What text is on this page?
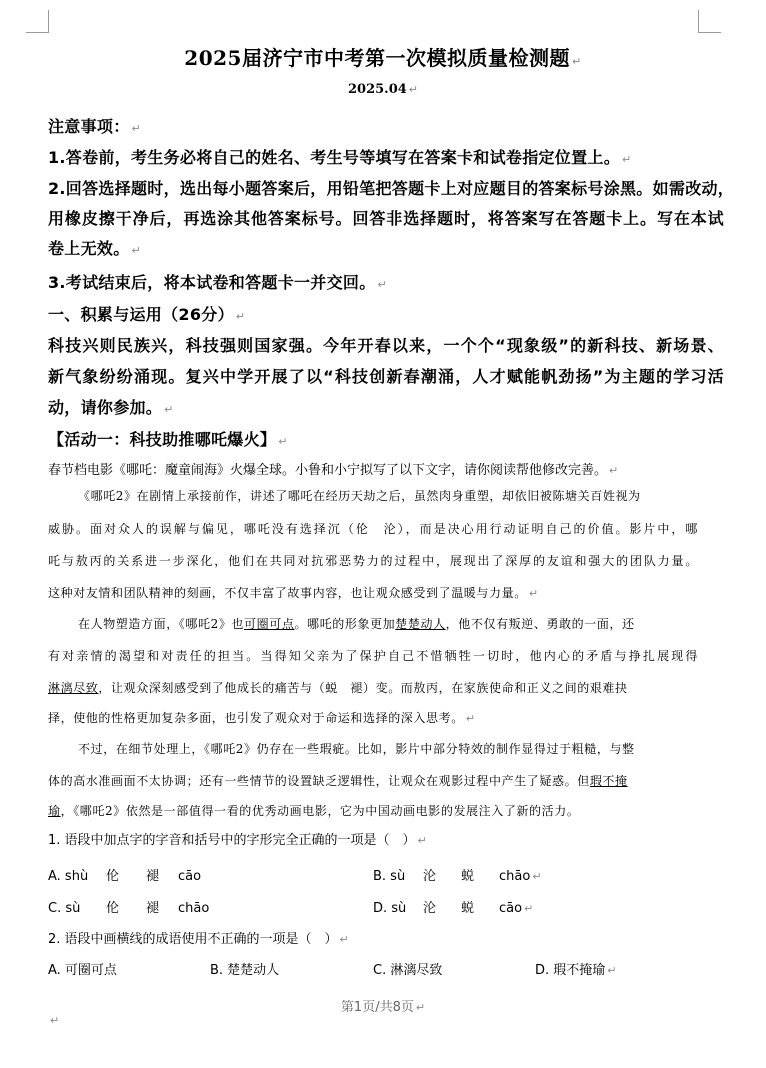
2025届济宁市中考第一次模拟质量检测题 ↵
2025.04 ↵
注意事项： ↵
1.答卷前，考生务必将自己的姓名、考生号等填写在答案卡和试卷指定位置上。 ↵
2.回答选择题时，选出每小题答案后，用铅笔把答题卡上对应题目的答案标号涂黑。如需改动，
用橡皮擦干净后，再选涂其他答案标号。回答非选择题时，将答案写在答题卡上。写在本试
卷上无效。 ↵
3.考试结束后，将本试卷和答题卡一并交回。 ↵
一、积累与运用（26分） ↵
科技兴则民族兴，科技强则国家强。今年开春以来，一个个“现象级”的新科技、新场景、
新气象纷纷涌现。复兴中学开展了以“科技创新春潮涌，人才赋能帆劲扬”为主题的学习活
动，请你参加。 ↵
【活动一：科技助推哪吒爆火】 ↵
春节档电影《哪吒：魔童闹海》火爆全球。小鲁和小宁拟写了以下文字，请你阅读帮他修改完善。 ↵
《哪吒2》在剧情上承接前作，讲述了哪吒在经历天劫之后，虽然肉身重塑，却依旧被陈塘关百姓视为
威胁。面对众人的误解与偏见，哪吒没有选择沉（伦　沦），而是决心用行动证明自己的价值。影片中，哪
吒与敖丙的关系进一步深化，他们在共同对抗邪恶势力的过程中，展现出了深厚的友谊和强大的团队力量。
这种对友情和团队精神的刻画，不仅丰富了故事内容，也让观众感受到了温暖与力量。 ↵
在人物塑造方面，《哪吒2》也可圈可点。哪吒的形象更加楚楚动人，他不仅有叛逆、勇敢的一面，还
有对亲情的渴望和对责任的担当。当得知父亲为了保护自己不惜牺牲一切时，他内心的矛盾与挣扎展现得
淋漓尽致，让观众深刻感受到了他成长的痛苦与（蜕　褪）变。而敖丙，在家族使命和正义之间的艰难抉
择，使他的性格更加复杂多面，也引发了观众对于命运和选择的深入思考。 ↵
不过，在细节处理上，《哪吒2》仍存在一些瑕疵。比如，影片中部分特效的制作显得过于粗糙，与整
体的高水准画面不太协调；还有一些情节的设置缺乏逻辑性，让观众在观影过程中产生了疑惑。但瑕不掩
瑜，《哪吒2》依然是一部值得一看的优秀动画电影，它为中国动画电影的发展注入了新的活力。
1. 语段中加点字的字音和括号中的字形完全正确的一项是（　） ↵
A. shù 伦 褪 cāo	B. sù 沦 蜕 chāo ↵
C. sù 伦 褪 chāo	D. sù 沦 蜕 cāo ↵
2. 语段中画横线的成语使用不正确的一项是（　） ↵
A. 可圈可点	B. 楚楚动人	C. 淋漓尽致	D. 瑕不掩瑜 ↵
第1页/共8页 ↵
↵
